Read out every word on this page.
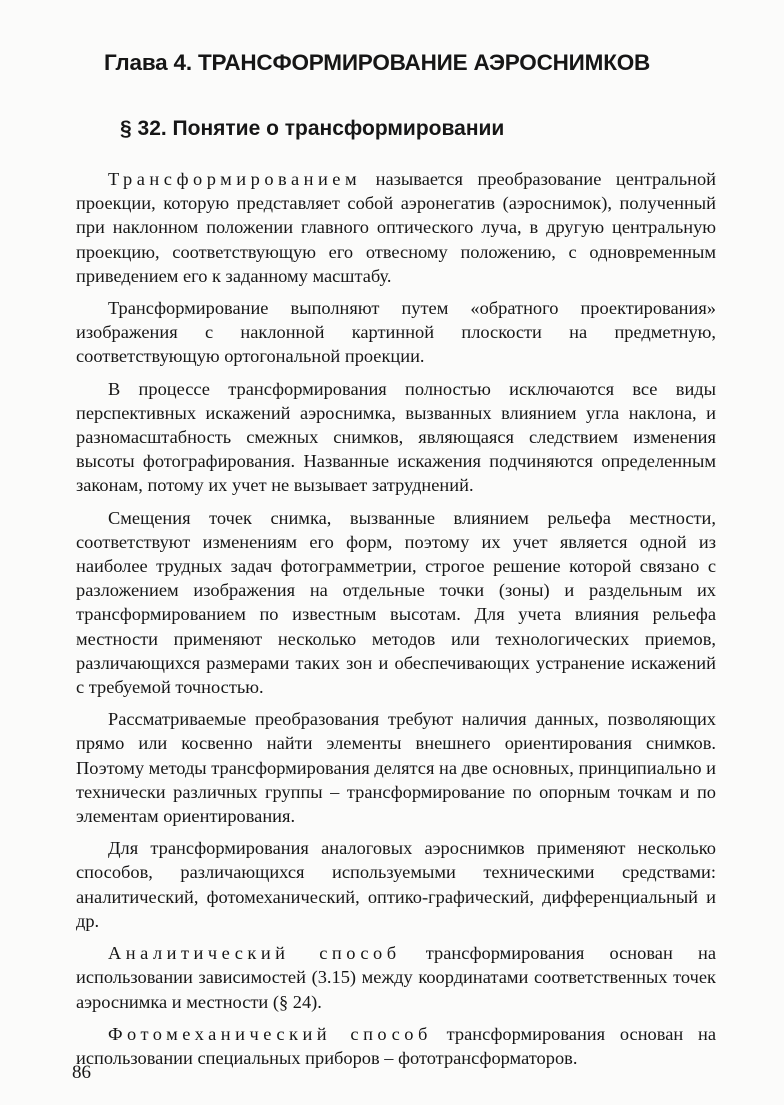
Глава 4. ТРАНСФОРМИРОВАНИЕ АЭРОСНИМКОВ
§ 32. Понятие о трансформировании

Трансформированием называется преобразование центральной проекции, которую представляет собой аэронегатив (аэроснимок), полученный при наклонном положении главного оптического луча, в другую центральную проекцию, соответствующую его отвесному положению, с одновременным приведением его к заданному масштабу.

Трансформирование выполняют путем «обратного проектирования» изображения с наклонной картинной плоскости на предметную, соответствующую ортогональной проекции.

В процессе трансформирования полностью исключаются все виды перспективных искажений аэроснимка, вызванных влиянием угла наклона, и разномасштабность смежных снимков, являющаяся следствием изменения высоты фотографирования. Названные искажения подчиняются определенным законам, потому их учет не вызывает затруднений.

Смещения точек снимка, вызванные влиянием рельефа местности, соответствуют изменениям его форм, поэтому их учет является одной из наиболее трудных задач фотограмметрии, строгое решение которой связано с разложением изображения на отдельные точки (зоны) и раздельным их трансформированием по известным высотам. Для учета влияния рельефа местности применяют несколько методов или технологических приемов, различающихся размерами таких зон и обеспечивающих устранение искажений с требуемой точностью.

Рассматриваемые преобразования требуют наличия данных, позволяющих прямо или косвенно найти элементы внешнего ориентирования снимков. Поэтому методы трансформирования делятся на две основных, принципиально и технически различных группы – трансформирование по опорным точкам и по элементам ориентирования.

Для трансформирования аналоговых аэроснимков применяют несколько способов, различающихся используемыми техническими средствами: аналитический, фотомеханический, оптико-графический, дифференциальный и др.

Аналитический способ трансформирования основан на использовании зависимостей (3.15) между координатами соответственных точек аэроснимка и местности (§ 24).

Фотомеханический способ трансформирования основан на использовании специальных приборов – фототрансформаторов.

86
